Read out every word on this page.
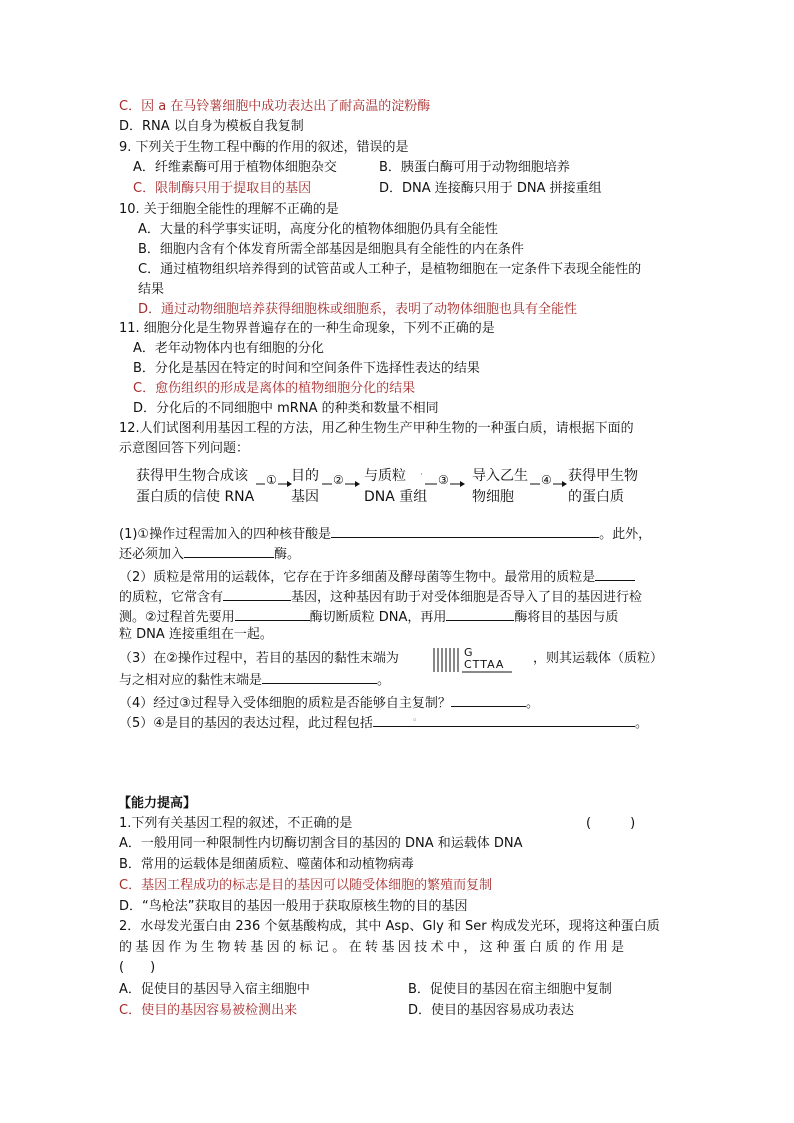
C．因 a 在马铃薯细胞中成功表达出了耐高温的淀粉酶
D．RNA 以自身为模板自我复制
9. 下列关于生物工程中酶的作用的叙述，错误的是
A．纤维素酶可用于植物体细胞杂交	B．胰蛋白酶可用于动物细胞培养
C．限制酶只用于提取目的基因	D．DNA 连接酶只用于 DNA 拼接重组
10. 关于细胞全能性的理解不正确的是
A．大量的科学事实证明，高度分化的植物体细胞仍具有全能性
B．细胞内含有个体发育所需全部基因是细胞具有全能性的内在条件
C．通过植物组织培养得到的试管苗或人工种子，是植物细胞在一定条件下表现全能性的
结果
D．通过动物细胞培养获得细胞株或细胞系，表明了动物体细胞也具有全能性
11. 细胞分化是生物界普遍存在的一种生命现象，下列不正确的是
A．老年动物体内也有细胞的分化
B．分化是基因在特定的时间和空间条件下选择性表达的结果
C．愈伤组织的形成是离体的植物细胞分化的结果
D．分化后的不同细胞中 mRNA 的种类和数量不相同
12.人们试图利用基因工程的方法，用乙种生物生产甲种生物的一种蛋白质，请根据下面的
示意图回答下列问题：
获得甲生物合成该
蛋白质的信使 RNA
① 目的
基因
② 与质粒
DNA 重组
· ③ 导入乙生
物细胞
④ 获得甲生物
的蛋白质
(1)①操作过程需加入的四种核苷酸是	。此外，
还必须加入	酶。
（2）质粒是常用的运载体，它存在于许多细菌及酵母菌等生物中。最常用的质粒是
的质粒，它常含有	基因，这种基因有助于对受体细胞是否导入了目的基因进行检
测。②过程首先要用	酶切断质粒 DNA，再用	酶将目的基因与质
粒 DNA 连接重组在一起。
（3）在②操作过程中，若目的基因的黏性末端为	G
CTTAA ，则其运载体（质粒）
与之相对应的黏性末端是	。
（4）经过③过程导入受体细胞的质粒是否能够自主复制？	。
（5）④是目的基因的表达过程，此过程包括	。	。
【能力提高】
1.下列有关基因工程的叙述，不正确的是	(　　　)
A．一般用同一种限制性内切酶切割含目的基因的 DNA 和运载体 DNA
B．常用的运载体是细菌质粒、噬菌体和动植物病毒
C．基因工程成功的标志是目的基因可以随受体细胞的繁殖而复制
D．“鸟枪法”获取目的基因一般用于获取原核生物的目的基因
2．水母发光蛋白由 236 个氨基酸构成，其中 Asp、Gly 和 Ser 构成发光环，现将这种蛋白质
的基因作为生物转基因的标记。在转基因技术中，这种蛋白质的作用是
(　　)
A．促使目的基因导入宿主细胞中	B．促使目的基因在宿主细胞中复制
C．使目的基因容易被检测出来	D．使目的基因容易成功表达
